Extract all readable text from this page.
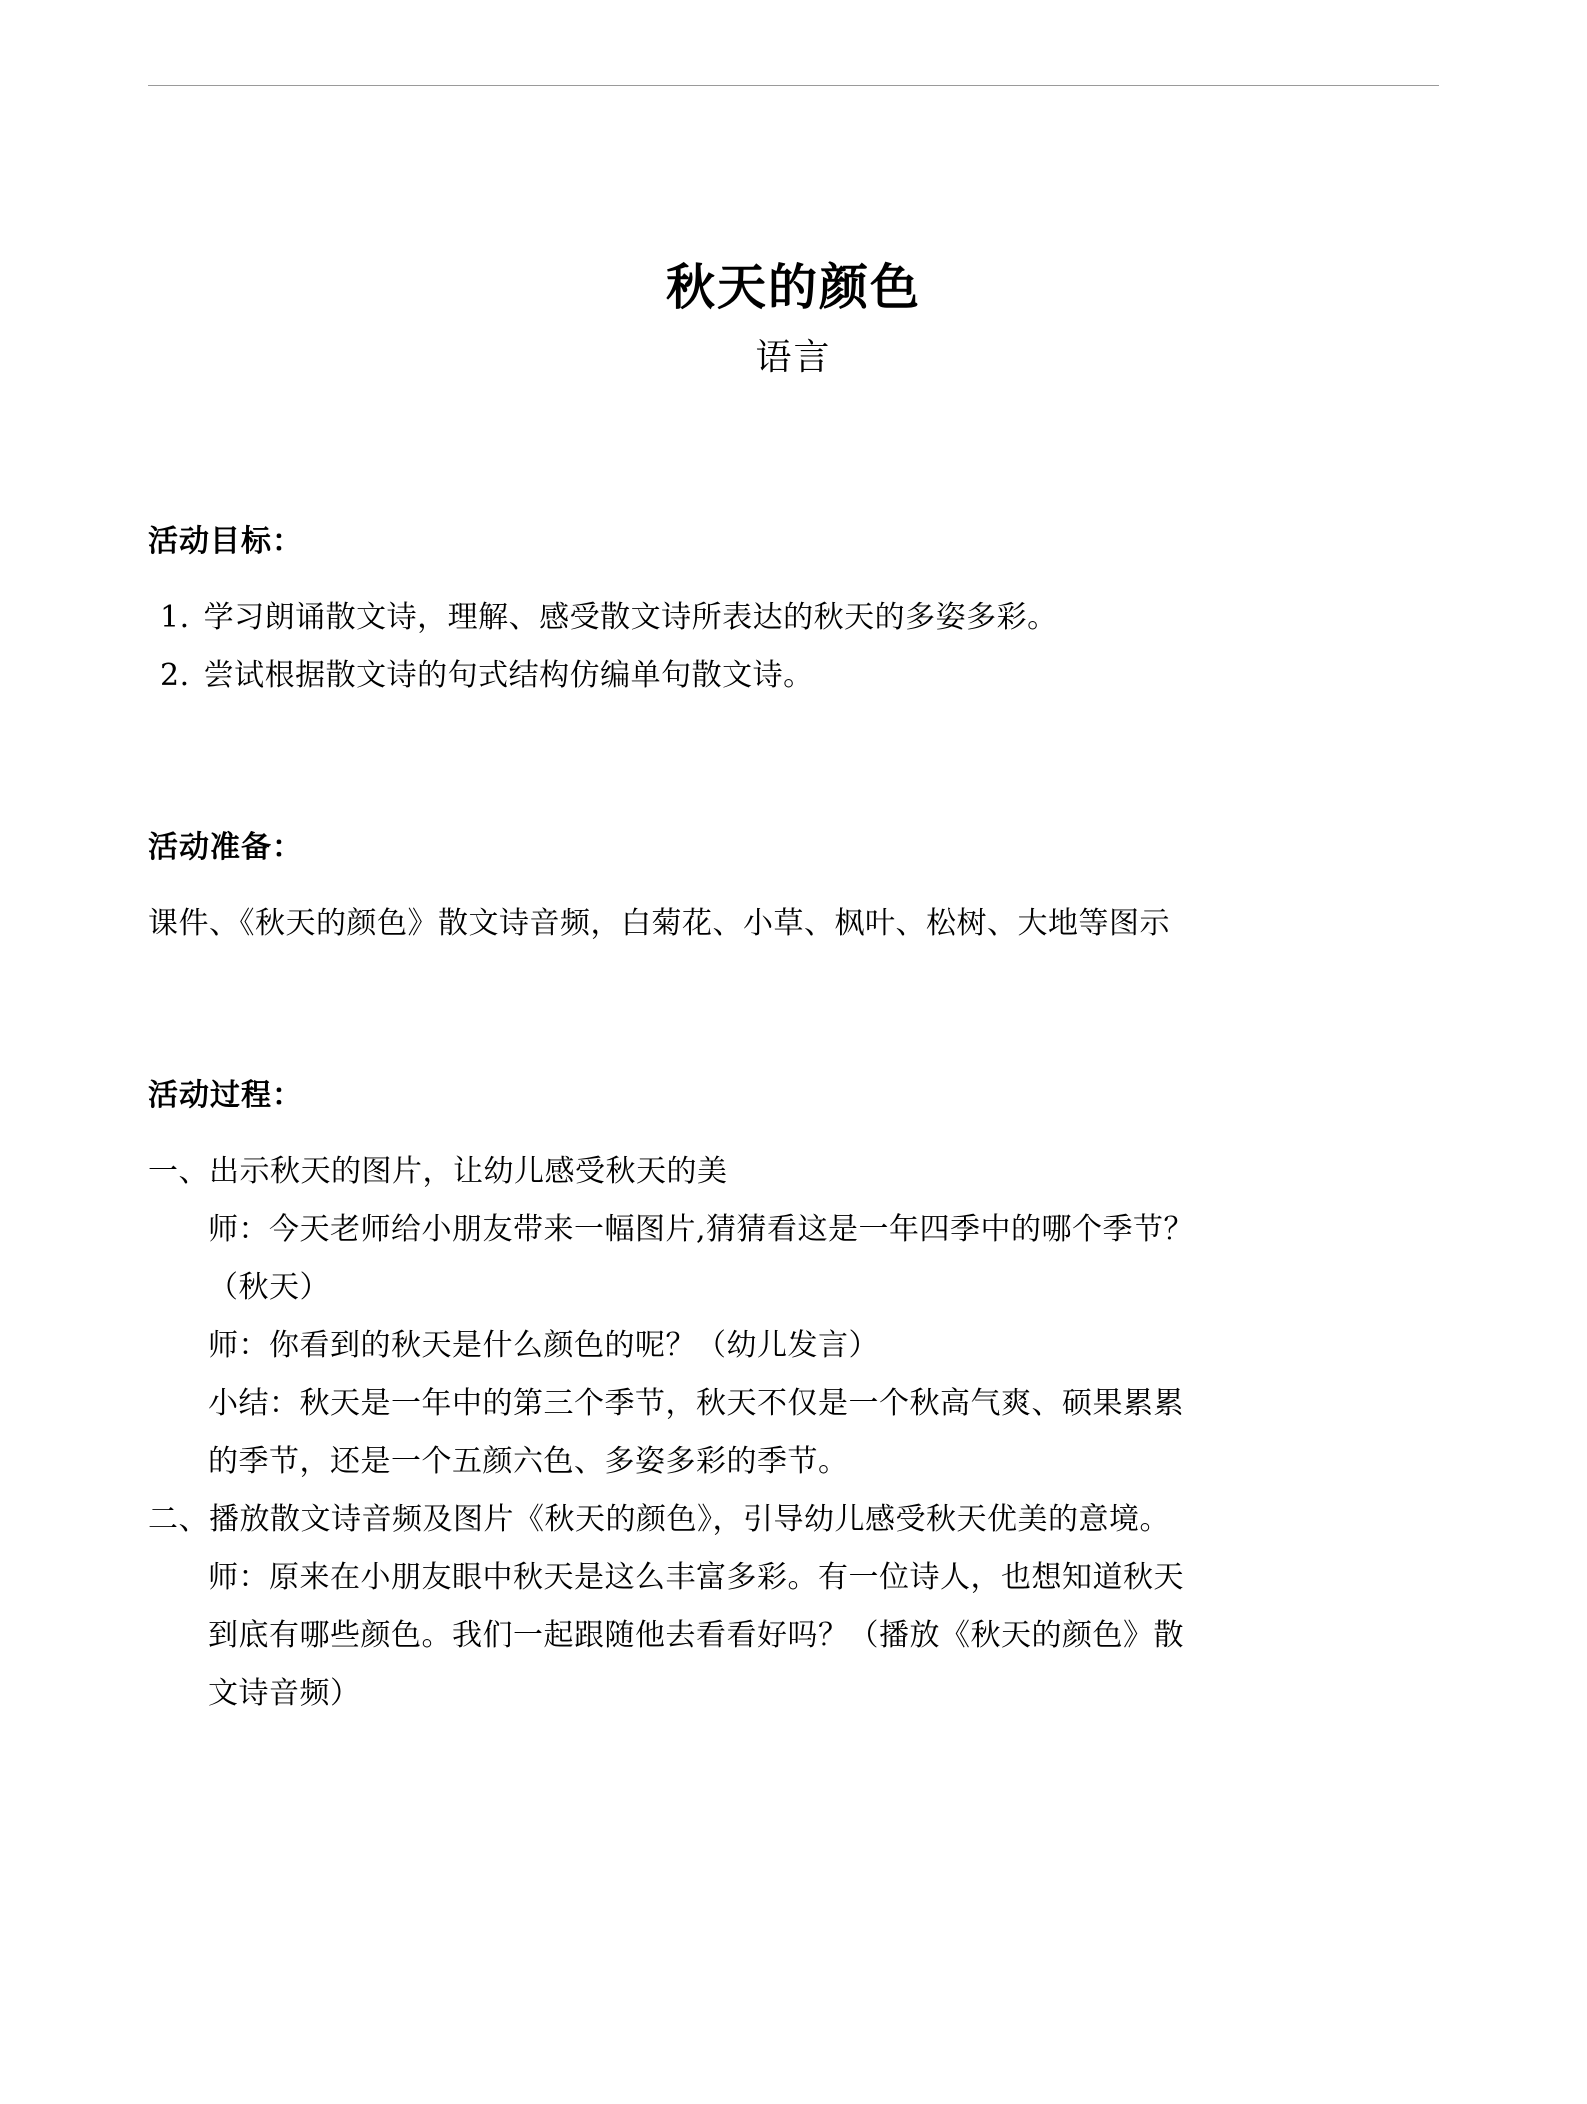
秋天的颜色
语言
活动目标：
1. 学习朗诵散文诗，理解、感受散文诗所表达的秋天的多姿多彩。
2. 尝试根据散文诗的句式结构仿编单句散文诗。
活动准备：
课件、《秋天的颜色》散文诗音频，白菊花、小草、枫叶、松树、大地等图示
活动过程：
一、出示秋天的图片，让幼儿感受秋天的美
师：今天老师给小朋友带来一幅图片,猜猜看这是一年四季中的哪个季节？
（秋天）
师：你看到的秋天是什么颜色的呢？（幼儿发言）
小结：秋天是一年中的第三个季节，秋天不仅是一个秋高气爽、硕果累累
的季节，还是一个五颜六色、多姿多彩的季节。
二、播放散文诗音频及图片《秋天的颜色》，引导幼儿感受秋天优美的意境。
师：原来在小朋友眼中秋天是这么丰富多彩。有一位诗人，也想知道秋天
到底有哪些颜色。我们一起跟随他去看看好吗？（播放《秋天的颜色》散
文诗音频）
